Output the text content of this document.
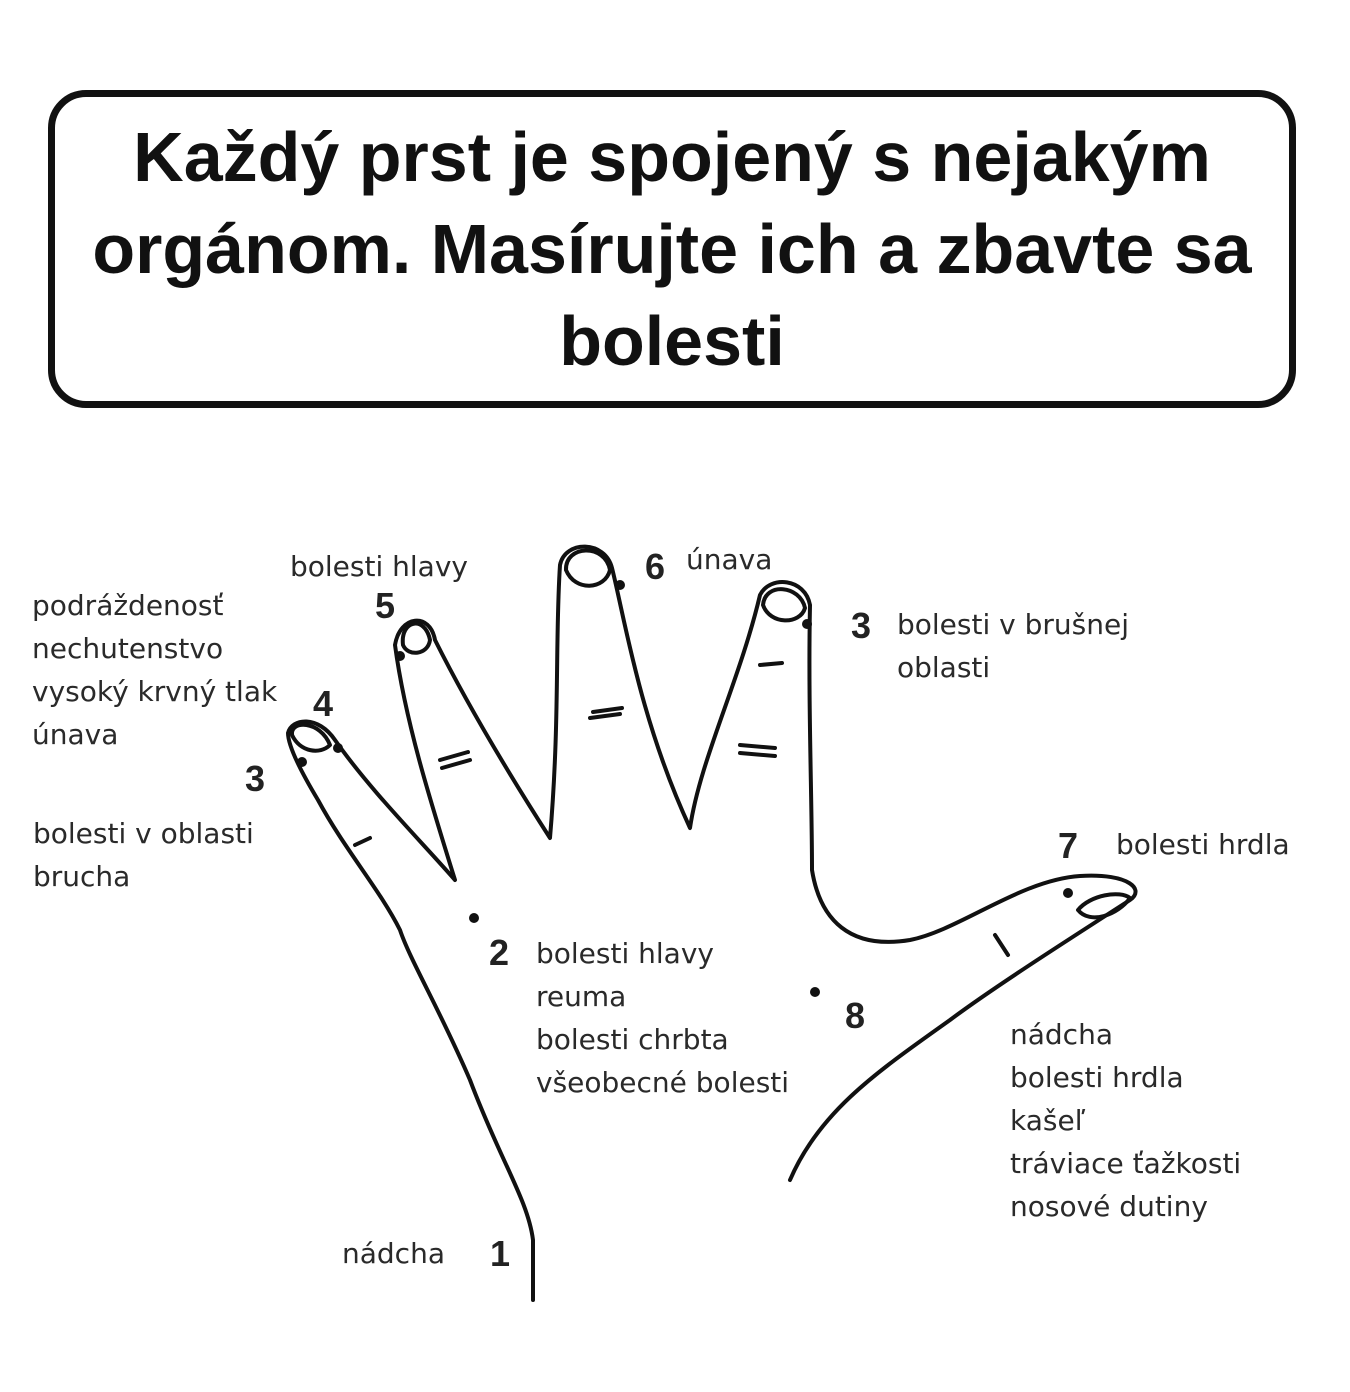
Každý prst je spojený s nejakým orgánom. Masírujte ich a zbavte sa bolesti

bolesti hlavy
5
6 únava
3 bolesti v brušnej
oblasti
podráždenosť
nechutenstvo
vysoký krvný tlak
únava
4
3
bolesti v oblasti
brucha
7 bolesti hrdla
2 bolesti hlavy
reuma
bolesti chrbta
všeobecné bolesti
8	nádcha
bolesti hrdla
kašeľ
tráviace ťažkosti
nosové dutiny
nádcha 1
